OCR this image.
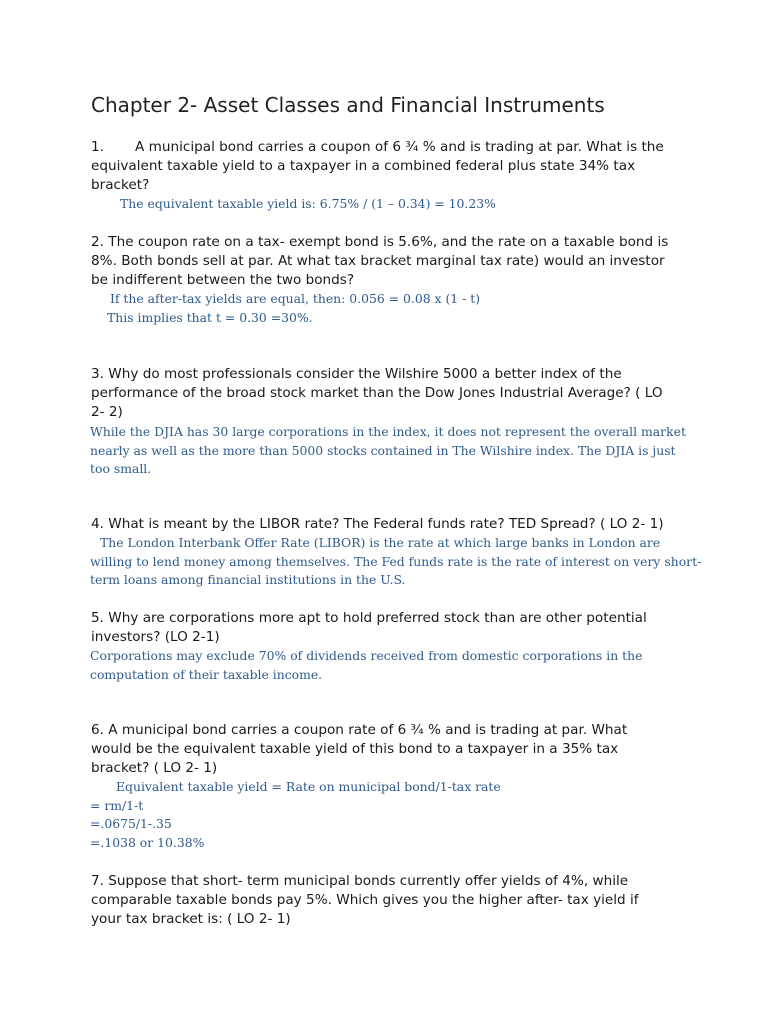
Chapter 2- Asset Classes and Financial Instruments
1. A municipal bond carries a coupon of 6 ¾ % and is trading at par. What is the
equivalent taxable yield to a taxpayer in a combined federal plus state 34% tax
bracket?
The equivalent taxable yield is: 6.75% / (1 – 0.34) = 10.23%
2. The coupon rate on a tax- exempt bond is 5.6%, and the rate on a taxable bond is
8%. Both bonds sell at par. At what tax bracket marginal tax rate) would an investor
be indifferent between the two bonds?
If the after-tax yields are equal, then: 0.056 = 0.08 x (1 - t)
This implies that t = 0.30 =30%.
3. Why do most professionals consider the Wilshire 5000 a better index of the
performance of the broad stock market than the Dow Jones Industrial Average? ( LO
2- 2)
While the DJIA has 30 large corporations in the index, it does not represent the overall market
nearly as well as the more than 5000 stocks contained in The Wilshire index. The DJIA is just
too small.
4. What is meant by the LIBOR rate? The Federal funds rate? TED Spread? ( LO 2- 1)
The London Interbank Offer Rate (LIBOR) is the rate at which large banks in London are
willing to lend money among themselves. The Fed funds rate is the rate of interest on very short-
term loans among financial institutions in the U.S.
5. Why are corporations more apt to hold preferred stock than are other potential
investors? (LO 2-1)
Corporations may exclude 70% of dividends received from domestic corporations in the
computation of their taxable income.
6. A municipal bond carries a coupon rate of 6 ¾ % and is trading at par. What
would be the equivalent taxable yield of this bond to a taxpayer in a 35% tax
bracket? ( LO 2- 1)
Equivalent taxable yield = Rate on municipal bond/1-tax rate
= rm/1-t
=.0675/1-.35
=.1038 or 10.38%
7. Suppose that short- term municipal bonds currently offer yields of 4%, while
comparable taxable bonds pay 5%. Which gives you the higher after- tax yield if
your tax bracket is: ( LO 2- 1)
